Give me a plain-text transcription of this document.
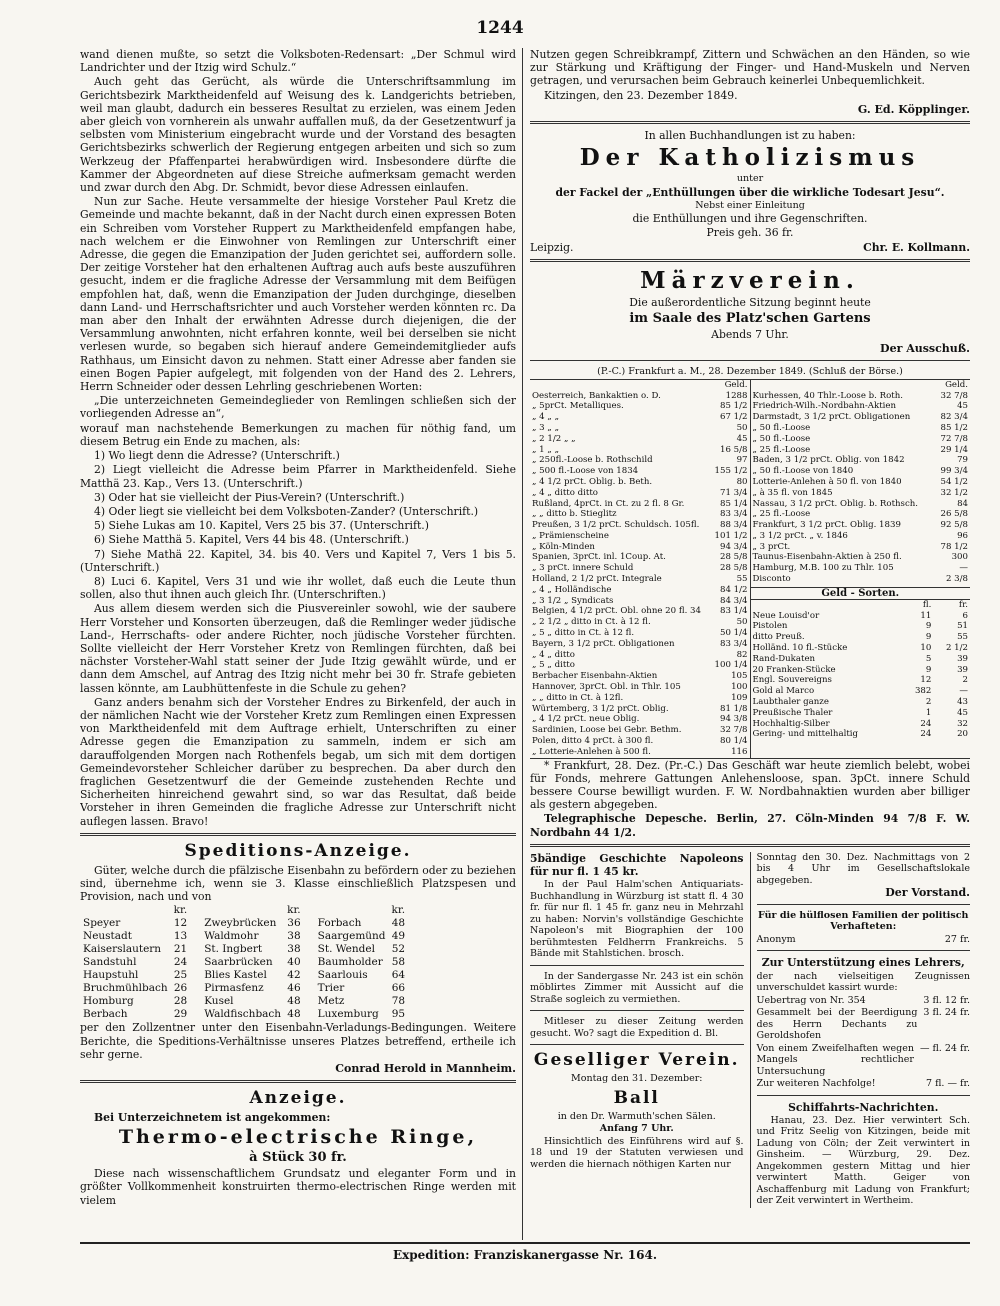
1244

wand dienen mußte, so setzt die Volksboten-Redensart: „Der Schmul wird Landrichter und der Itzig wird Schulz.“

Auch geht das Gerücht, als würde die Unterschriftsammlung im Gerichtsbezirk Marktheidenfeld auf Weisung des k. Landgerichts betrieben, weil man glaubt, dadurch ein besseres Resultat zu erzielen, was einem Jeden aber gleich von vornherein als unwahr auffallen muß, da der Gesetzentwurf ja selbsten vom Ministerium eingebracht wurde und der Vorstand des besagten Gerichtsbezirks schwerlich der Regierung entgegen arbeiten und sich so zum Werkzeug der Pfaffenpartei herabwürdigen wird. Insbesondere dürfte die Kammer der Abgeordneten auf diese Streiche aufmerksam gemacht werden und zwar durch den Abg. Dr. Schmidt, bevor diese Adressen einlaufen.

Nun zur Sache. Heute versammelte der hiesige Vorsteher Paul Kretz die Gemeinde und machte bekannt, daß in der Nacht durch einen expressen Boten ein Schreiben vom Vorsteher Ruppert zu Marktheidenfeld empfangen habe, nach welchem er die Einwohner von Remlingen zur Unterschrift einer Adresse, die gegen die Emanzipation der Juden gerichtet sei, auffordern solle. Der zeitige Vorsteher hat den erhaltenen Auftrag auch aufs beste auszuführen gesucht, indem er die fragliche Adresse der Versammlung mit dem Beifügen empfohlen hat, daß, wenn die Emanzipation der Juden durchginge, dieselben dann Land- und Herrschaftsrichter und auch Vorsteher werden könnten rc. Da man aber den Inhalt der erwähnten Adresse durch diejenigen, die der Versammlung anwohnten, nicht erfahren konnte, weil bei derselben sie nicht verlesen wurde, so begaben sich hierauf andere Gemeindemitglieder aufs Rathhaus, um Einsicht davon zu nehmen. Statt einer Adresse aber fanden sie einen Bogen Papier aufgelegt, mit folgenden von der Hand des 2. Lehrers, Herrn Schneider oder dessen Lehrling geschriebenen Worten:

„Die unterzeichneten Gemeindeglieder von Remlingen schließen sich der vorliegenden Adresse an“,

worauf man nachstehende Bemerkungen zu machen für nöthig fand, um diesem Betrug ein Ende zu machen, als:

1) Wo liegt denn die Adresse? (Unterschrift.)

2) Liegt vielleicht die Adresse beim Pfarrer in Marktheidenfeld. Siehe Matthä 23. Kap., Vers 13. (Unterschrift.)

3) Oder hat sie vielleicht der Pius-Verein? (Unterschrift.)

4) Oder liegt sie vielleicht bei dem Volksboten-Zander? (Unterschrift.)

5) Siehe Lukas am 10. Kapitel, Vers 25 bis 37. (Unterschrift.)

6) Siehe Matthä 5. Kapitel, Vers 44 bis 48. (Unterschrift.)

7) Siehe Mathä 22. Kapitel, 34. bis 40. Vers und Kapitel 7, Vers 1 bis 5. (Unterschrift.)

8) Luci 6. Kapitel, Vers 31 und wie ihr wollet, daß euch die Leute thun sollen, also thut ihnen auch gleich Ihr. (Unterschriften.)

Aus allem diesem werden sich die Piusvereinler sowohl, wie der saubere Herr Vorsteher und Konsorten überzeugen, daß die Remlinger weder jüdische Land-, Herrschafts- oder andere Richter, noch jüdische Vorsteher fürchten. Sollte vielleicht der Herr Vorsteher Kretz von Remlingen fürchten, daß bei nächster Vorsteher-Wahl statt seiner der Jude Itzig gewählt würde, und er dann dem Amschel, auf Antrag des Itzig nicht mehr bei 30 fr. Strafe gebieten lassen könnte, am Laubhüttenfeste in die Schule zu gehen?

Ganz anders benahm sich der Vorsteher Endres zu Birkenfeld, der auch in der nämlichen Nacht wie der Vorsteher Kretz zum Remlingen einen Expressen von Marktheidenfeld mit dem Auftrage erhielt, Unterschriften zu einer Adresse gegen die Emanzipation zu sammeln, indem er sich am darauffolgenden Morgen nach Rothenfels begab, um sich mit dem dortigen Gemeindevorsteher Schleicher darüber zu besprechen. Da aber durch den fraglichen Gesetzentwurf die der Gemeinde zustehenden Rechte und Sicherheiten hinreichend gewahrt sind, so war das Resultat, daß beide Vorsteher in ihren Gemeinden die fragliche Adresse zur Unterschrift nicht auflegen lassen. Bravo!

Speditions-Anzeige.

Güter, welche durch die pfälzische Eisenbahn zu befördern oder zu beziehen sind, übernehme ich, wenn sie 3. Klasse einschließlich Platzspesen und Provision, nach und von

	kr.		kr.		kr.
Speyer	12	Zweybrücken	36	Forbach	48
Neustadt	13	Waldmohr	38	Saargemünd	49
Kaiserslautern	21	St. Ingbert	38	St. Wendel	52
Sandstuhl	24	Saarbrücken	40	Baumholder	58
Haupstuhl	25	Blies Kastel	42	Saarlouis	64
Bruchmühlbach	26	Pirmasfenz	46	Trier	66
Homburg	28	Kusel	48	Metz	78
Berbach	29	Waldfischbach	48	Luxemburg	95

per den Zollzentner unter den Eisenbahn-Verladungs-Bedingungen. Weitere Berichte, die Speditions-Verhältnisse unseres Platzes betreffend, ertheile ich sehr gerne.

Conrad Herold in Mannheim.
Anzeige.

Bei Unterzeichnetem ist angekommen:

Thermo-electrische Ringe,
à Stück 30 fr.

Diese nach wissenschaftlichem Grundsatz und eleganter Form und in größter Vollkommenheit konstruirten thermo-electrischen Ringe werden mit vielem

Nutzen gegen Schreibkrampf, Zittern und Schwächen an den Händen, so wie zur Stärkung und Kräftigung der Finger- und Hand-Muskeln und Nerven getragen, und verursachen beim Gebrauch keinerlei Unbequemlichkeit.

Kitzingen, den 23. Dezember 1849.

G. Ed. Köpplinger.
In allen Buchhandlungen ist zu haben:
Der Katholizismus
unter
der Fackel der „Enthüllungen über die wirkliche Todesart Jesu“.
Nebst einer Einleitung
die Enthüllungen und ihre Gegenschriften.
Preis geh. 36 fr.
Leipzig.	Chr. E. Kollmann.
Märzverein.
Die außerordentliche Sitzung beginnt heute
im Saale des Platz'schen Gartens
Abends 7 Uhr.
Der Ausschuß.
(P.-C.) Frankfurt a. M., 28. Dezember 1849. (Schluß der Börse.)
	Geld.
Oesterreich, Bankaktien o. D.	1288
„ 5prCt. Metalliques.	85 1/2
„ 4 „ „	67 1/2
„ 3 „ „	50
„ 2 1/2 „ „	45
„ 1 „ „	16 5/8
„ 250fl.-Loose b. Rothschild	97
„ 500 fl.-Loose von 1834	155 1/2
„ 4 1/2 prCt. Oblig. b. Beth.	80
„ 4 „ ditto ditto	71 3/4
Rußland, 4prCt. in Ct. zu 2 fl. 8 Gr.	85 1/4
„ „ ditto b. Stieglitz	83 3/4
Preußen, 3 1/2 prCt. Schuldsch. 105fl.	88 3/4
„ Prämienscheine	101 1/2
„ Köln-Minden	94 3/4
Spanien, 3prCt. inl. 1Coup. At.	28 5/8
„ 3 prCt. innere Schuld	28 5/8
Holland, 2 1/2 prCt. Integrale	55
„ 4 „ Holländische	84 1/2
„ 3 1/2 „ Syndicats	84 3/4
Belgien, 4 1/2 prCt. Obl. ohne 20 fl. 34	83 1/4
„ 2 1/2 „ ditto in Ct. à 12 fl.	50
„ 5 „ ditto in Ct. à 12 fl.	50 1/4
Bayern, 3 1/2 prCt. Obligationen	83 3/4
„ 4 „ ditto	82
„ 5 „ ditto	100 1/4
Berbacher Eisenbahn-Aktien	105
Hannover, 3prCt. Obl. in Thlr. 105	100
„ „ ditto in Ct. à 12fl.	109
Würtemberg, 3 1/2 prCt. Oblig.	81 1/8
„ 4 1/2 prCt. neue Oblig.	94 3/8
Sardinien, Loose bei Gebr. Bethm.	32 7/8
Polen, ditto 4 prCt. à 300 fl.	80 1/4
„ Lotterie-Anlehen à 500 fl.	116
	Geld.
Kurhessen, 40 Thlr.-Loose b. Roth.	32 7/8
Friedrich-Wilh.-Nordbahn-Aktien	45
Darmstadt, 3 1/2 prCt. Obligationen	82 3/4
„ 50 fl.-Loose	85 1/2
„ 50 fl.-Loose	72 7/8
„ 25 fl.-Loose	29 1/4
Baden, 3 1/2 prCt. Oblig. von 1842	79
„ 50 fl.-Loose von 1840	99 3/4
Lotterie-Anlehen à 50 fl. von 1840	54 1/2
„ à 35 fl. von 1845	32 1/2
Nassau, 3 1/2 prCt. Oblig. b. Rothsch.	84
„ 25 fl.-Loose	26 5/8
Frankfurt, 3 1/2 prCt. Oblig. 1839	92 5/8
„ 3 1/2 prCt. „ v. 1846	96
„ 3 prCt.	78 1/2
Taunus-Eisenbahn-Aktien à 250 fl.	300
Hamburg, M.B. 100 zu Thlr. 105	—
Disconto	2 3/8
Geld - Sorten.
	fl.	fr.
Neue Louisd'or	11	6
Pistolen	9	51
ditto Preuß.	9	55
Holländ. 10 fl.-Stücke	10	2 1/2
Rand-Dukaten	5	39
20 Franken-Stücke	9	39
Engl. Souvereigns	12	2
Gold al Marco	382	—
Laubthaler ganze	2	43
Preußische Thaler	1	45
Hochhaltig-Silber	24	32
Gering- und mittelhaltig	24	20

* Frankfurt, 28. Dez. (Pr.-C.) Das Geschäft war heute ziemlich belebt, wobei für Fonds, mehrere Gattungen Anlehensloose, span. 3pCt. innere Schuld bessere Course bewilligt wurden. F. W. Nordbahnaktien wurden aber billiger als gestern abgegeben.

Telegraphische Depesche. Berlin, 27. Cöln-Minden 94 7/8 F. W. Nordbahn 44 1/2.

5bändige Geschichte Napoleons für nur fl. 1 45 kr.

In der Paul Halm'schen Antiquariats-Buchhandlung in Würzburg ist statt fl. 4 30 fr. für nur fl. 1 45 fr. ganz neu in Mehrzahl zu haben: Norvin's vollständige Geschichte Napoleon's mit Biographien der 100 berühmtesten Feldherrn Frankreichs. 5 Bände mit Stahlstichen. brosch.

In der Sandergasse Nr. 243 ist ein schön möblirtes Zimmer mit Aussicht auf die Straße sogleich zu vermiethen.

Mitleser zu dieser Zeitung werden gesucht. Wo? sagt die Expedition d. Bl.

Geselliger Verein.
Montag den 31. Dezember:
Ball
in den Dr. Warmuth'schen Sälen.
Anfang 7 Uhr.

Hinsichtlich des Einführens wird auf §. 18 und 19 der Statuten verwiesen und werden die hiernach nöthigen Karten nur

Sonntag den 30. Dez. Nachmittags von 2 bis 4 Uhr im Gesellschaftslokale abgegeben.

Der Vorstand.
Für die hülflosen Familien der politisch Verhafteten:
Anonym	27 fr.
Zur Unterstützung eines Lehrers,

der nach vielseitigen Zeugnissen unverschuldet kassirt wurde:

Uebertrag von Nr. 354	3 fl. 12 fr.
Gesammelt bei der Beerdigung des Herrn Dechants zu Geroldshofen
3 fl. 24 fr.
Von einem Zweifelhaften wegen Mangels rechtlicher Untersuchung
— fl. 24 fr.
Zur weiteren Nachfolge!	7 fl. — fr.
Schiffahrts-Nachrichten.

Hanau, 23. Dez. Hier verwintert Sch. und Fritz Seelig von Kitzingen, beide mit Ladung von Cöln; der Zeit verwintert in Ginsheim. — Würzburg, 29. Dez. Angekommen gestern Mittag und hier verwintert Matth. Geiger von Aschaffenburg mit Ladung von Frankfurt; der Zeit verwintert in Wertheim.

Expedition: Franziskanergasse Nr. 164.
